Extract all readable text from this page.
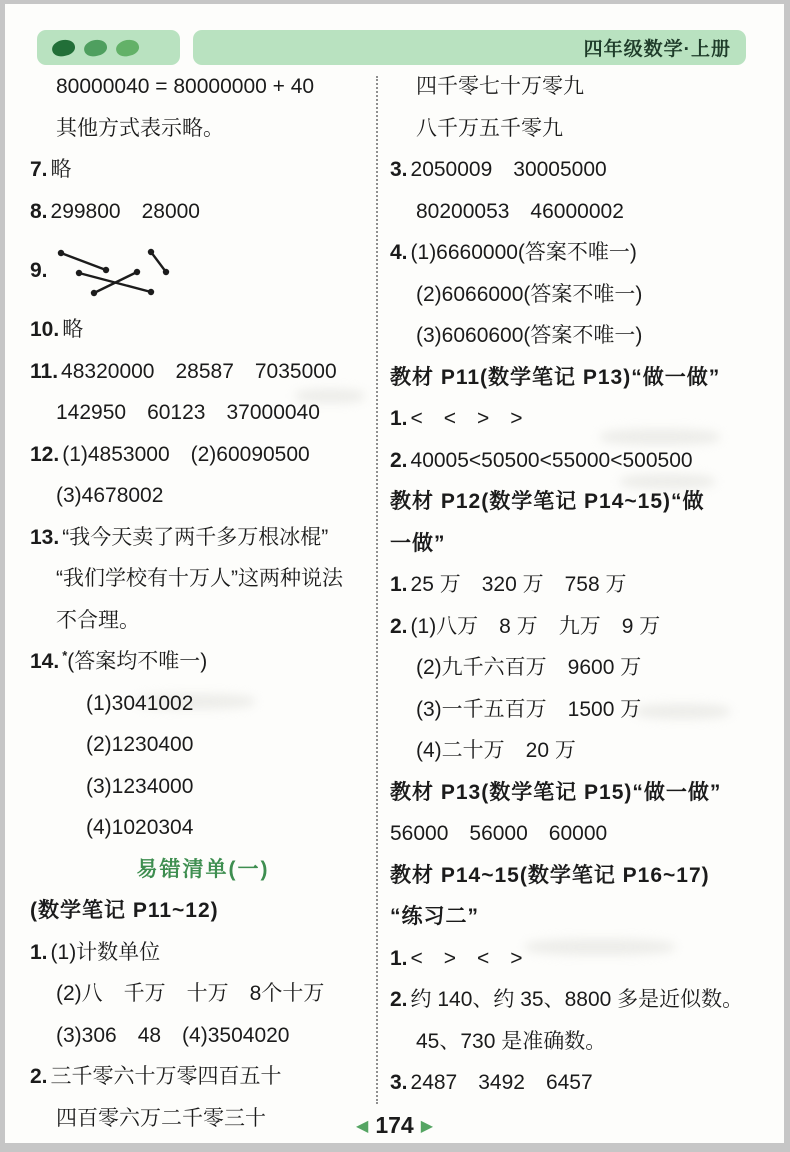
四年级数学·上册
80000040 = 80000000 + 40
其他方式表示略。
7. 略
8. 299800　28000
9.
10. 略
11. 48320000　28587　7035000
142950　60123　37000040
12. (1)4853000　(2)60090500
(3)4678002
13. “我今天卖了两千多万根冰棍”
“我们学校有十万人”这两种说法
不合理。
14. *(答案均不唯一)
(1)3041002
(2)1230400
(3)1234000
(4)1020304
易错清单(一)
(数学笔记 P11~12)
1. (1)计数单位
(2)八　千万　十万　8个十万
(3)306　48　(4)3504020
2. 三千零六十万零四百五十
四百零六万二千零三十
四千零七十万零九
八千万五千零九
3. 2050009　30005000
80200053　46000002
4. (1)6660000(答案不唯一)
(2)6066000(答案不唯一)
(3)6060600(答案不唯一)
教材 P11(数学笔记 P13)“做一做”
1. <　<　>　>
2. 40005<50500<55000<500500
教材 P12(数学笔记 P14~15)“做
一做”
1. 25 万　320 万　758 万
2. (1)八万　8 万　九万　9 万
(2)九千六百万　9600 万
(3)一千五百万　1500 万
(4)二十万　20 万
教材 P13(数学笔记 P15)“做一做”
56000　56000　60000
教材 P14~15(数学笔记 P16~17)
“练习二”
1. <　>　<　>
2. 约 140、约 35、8800 多是近似数。
45、730 是准确数。
3. 2487　3492　6457
◀ 174 ▶
